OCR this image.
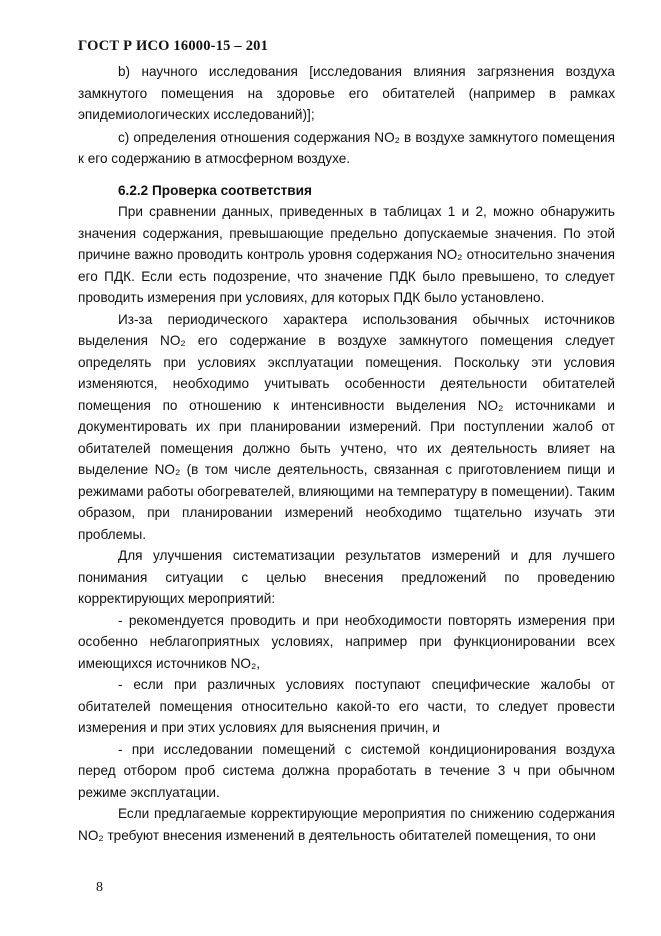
ГОСТ Р ИСО 16000-15 – 201

b) научного исследования [исследования влияния загрязнения воздуха замкнутого помещения на здоровье его обитателей (например в рамках эпидемиологических исследований)];

c) определения отношения содержания NO₂ в воздухе замкнутого помещения к его содержанию в атмосферном воздухе.

6.2.2 Проверка соответствия

При сравнении данных, приведенных в таблицах 1 и 2, можно обнаружить значения содержания, превышающие предельно допускаемые значения. По этой причине важно проводить контроль уровня содержания NO₂ относительно значения его ПДК. Если есть подозрение, что значение ПДК было превышено, то следует проводить измерения при условиях, для которых ПДК было установлено.

Из-за периодического характера использования обычных источников выделения NO₂ его содержание в воздухе замкнутого помещения следует определять при условиях эксплуатации помещения. Поскольку эти условия изменяются, необходимо учитывать особенности деятельности обитателей помещения по отношению к интенсивности выделения NO₂ источниками и документировать их при планировании измерений. При поступлении жалоб от обитателей помещения должно быть учтено, что их деятельность влияет на выделение NO₂ (в том числе деятельность, связанная c приготовлением пищи и режимами работы обогревателей, влияющими на температуру в помещении). Таким образом, при планировании измерений необходимо тщательно изучать эти проблемы.

Для улучшения систематизации результатов измерений и для лучшего понимания ситуации с целью внесения предложений по проведению корректирующих мероприятий:

- рекомендуется проводить и при необходимости повторять измерения при особенно неблагоприятных условиях, например при функционировании всех имеющихся источников NO₂,

- если при различных условиях поступают специфические жалобы от обитателей помещения относительно какой-то его части, то следует провести измерения и при этих условиях для выяснения причин, и

- при исследовании помещений с системой кондиционирования воздуха перед отбором проб система должна проработать в течение 3 ч при обычном режиме эксплуатации.

Если предлагаемые корректирующие мероприятия по снижению содержания NO₂ требуют внесения изменений в деятельность обитателей помещения, то они

8
